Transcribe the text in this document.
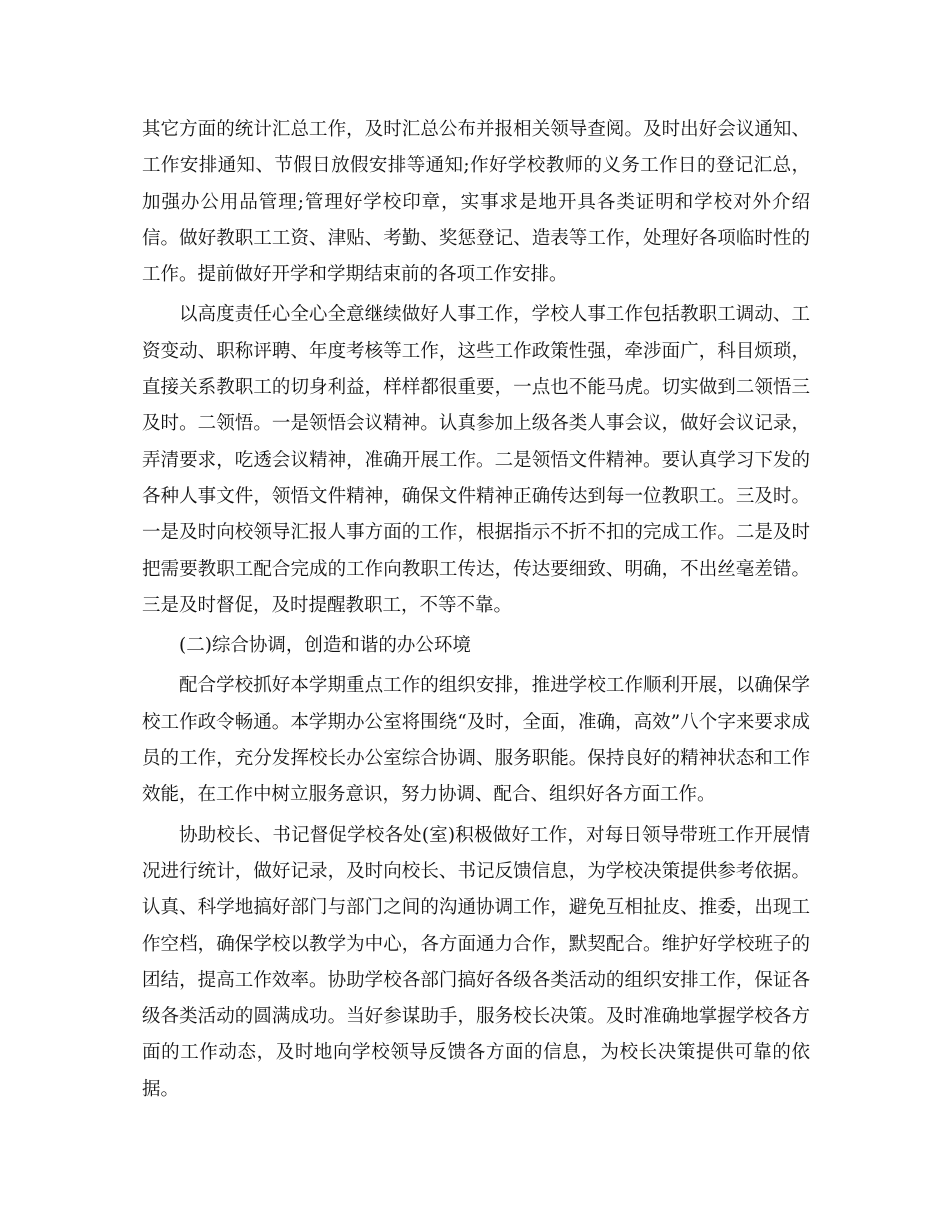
其它方面的统计汇总工作，及时汇总公布并报相关领导查阅。及时出好会议通知、工作安排通知、节假日放假安排等通知;作好学校教师的义务工作日的登记汇总，加强办公用品管理;管理好学校印章，实事求是地开具各类证明和学校对外介绍信。做好教职工工资、津贴、考勤、奖惩登记、造表等工作，处理好各项临时性的工作。提前做好开学和学期结束前的各项工作安排。

以高度责任心全心全意继续做好人事工作，学校人事工作包括教职工调动、工资变动、职称评聘、年度考核等工作，这些工作政策性强，牵涉面广，科目烦琐，直接关系教职工的切身利益，样样都很重要，一点也不能马虎。切实做到二领悟三及时。二领悟。一是领悟会议精神。认真参加上级各类人事会议，做好会议记录，弄清要求，吃透会议精神，准确开展工作。二是领悟文件精神。要认真学习下发的各种人事文件，领悟文件精神，确保文件精神正确传达到每一位教职工。三及时。一是及时向校领导汇报人事方面的工作，根据指示不折不扣的完成工作。二是及时把需要教职工配合完成的工作向教职工传达，传达要细致、明确，不出丝毫差错。三是及时督促，及时提醒教职工，不等不靠。

(二)综合协调，创造和谐的办公环境

配合学校抓好本学期重点工作的组织安排，推进学校工作顺利开展，以确保学校工作政令畅通。本学期办公室将围绕“及时，全面，准确，高效”八个字来要求成员的工作，充分发挥校长办公室综合协调、服务职能。保持良好的精神状态和工作效能，在工作中树立服务意识，努力协调、配合、组织好各方面工作。

协助校长、书记督促学校各处(室)积极做好工作，对每日领导带班工作开展情况进行统计，做好记录，及时向校长、书记反馈信息，为学校决策提供参考依据。认真、科学地搞好部门与部门之间的沟通协调工作，避免互相扯皮、推委，出现工作空档，确保学校以教学为中心，各方面通力合作，默契配合。维护好学校班子的团结，提高工作效率。协助学校各部门搞好各级各类活动的组织安排工作，保证各级各类活动的圆满成功。当好参谋助手，服务校长决策。及时准确地掌握学校各方面的工作动态，及时地向学校领导反馈各方面的信息，为校长决策提供可靠的依据。
